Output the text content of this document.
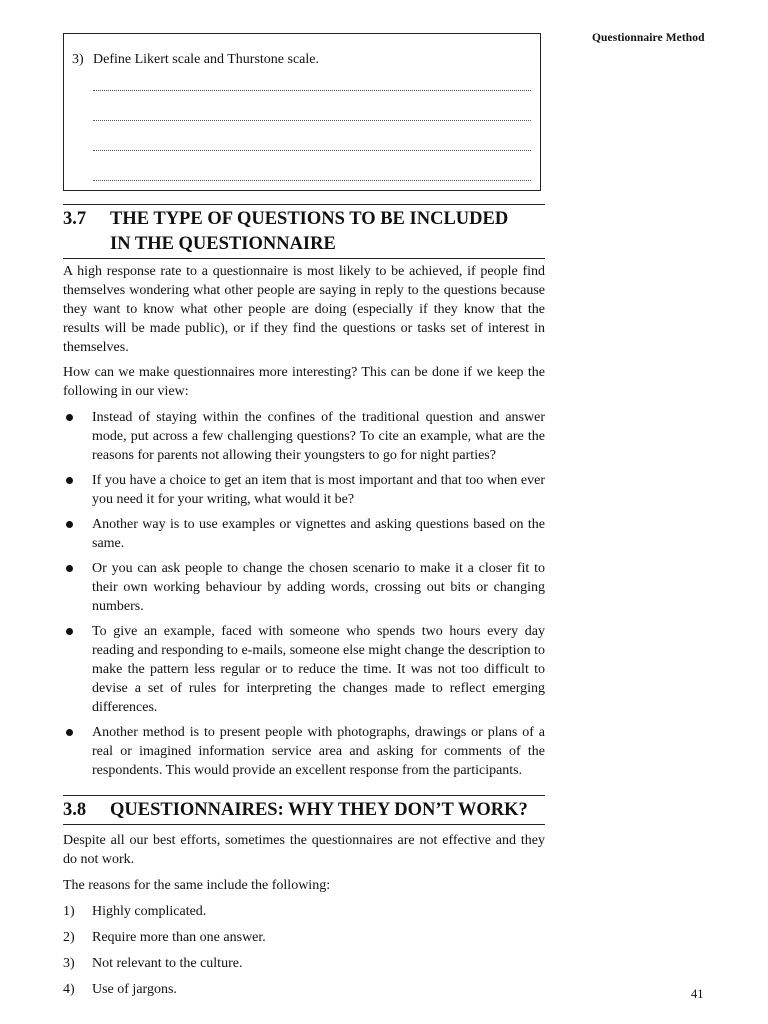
Questionnaire Method
3) Define Likert scale and Thurstone scale.
3.7 THE TYPE OF QUESTIONS TO BE INCLUDED
IN THE QUESTIONNAIRE

A high response rate to a questionnaire is most likely to be achieved, if people find themselves wondering what other people are saying in reply to the questions because they want to know what other people are doing (especially if they know that the results will be made public), or if they find the questions or tasks set of interest in themselves.

How can we make questionnaires more interesting? This can be done if we keep the following in our view:

Instead of staying within the confines of the traditional question and answer mode, put across a few challenging questions? To cite an example, what are the reasons for parents not allowing their youngsters to go for night parties?
If you have a choice to get an item that is most important and that too when ever you need it for your writing, what would it be?
Another way is to use examples or vignettes and asking questions based on the same.
Or you can ask people to change the chosen scenario to make it a closer fit to their own working behaviour by adding words, crossing out bits or changing numbers.
To give an example, faced with someone who spends two hours every day reading and responding to e-mails, someone else might change the description to make the pattern less regular or to reduce the time. It was not too difficult to devise a set of rules for interpreting the changes made to reflect emerging differences.
Another method is to present people with photographs, drawings or plans of a real or imagined information service area and asking for comments of the respondents. This would provide an excellent response from the participants.
3.8 QUESTIONNAIRES: WHY THEY DON’T WORK?

Despite all our best efforts, sometimes the questionnaires are not effective and they do not work.

The reasons for the same include the following:

1) Highly complicated.
2) Require more than one answer.
3) Not relevant to the culture.
4) Use of jargons.	41
